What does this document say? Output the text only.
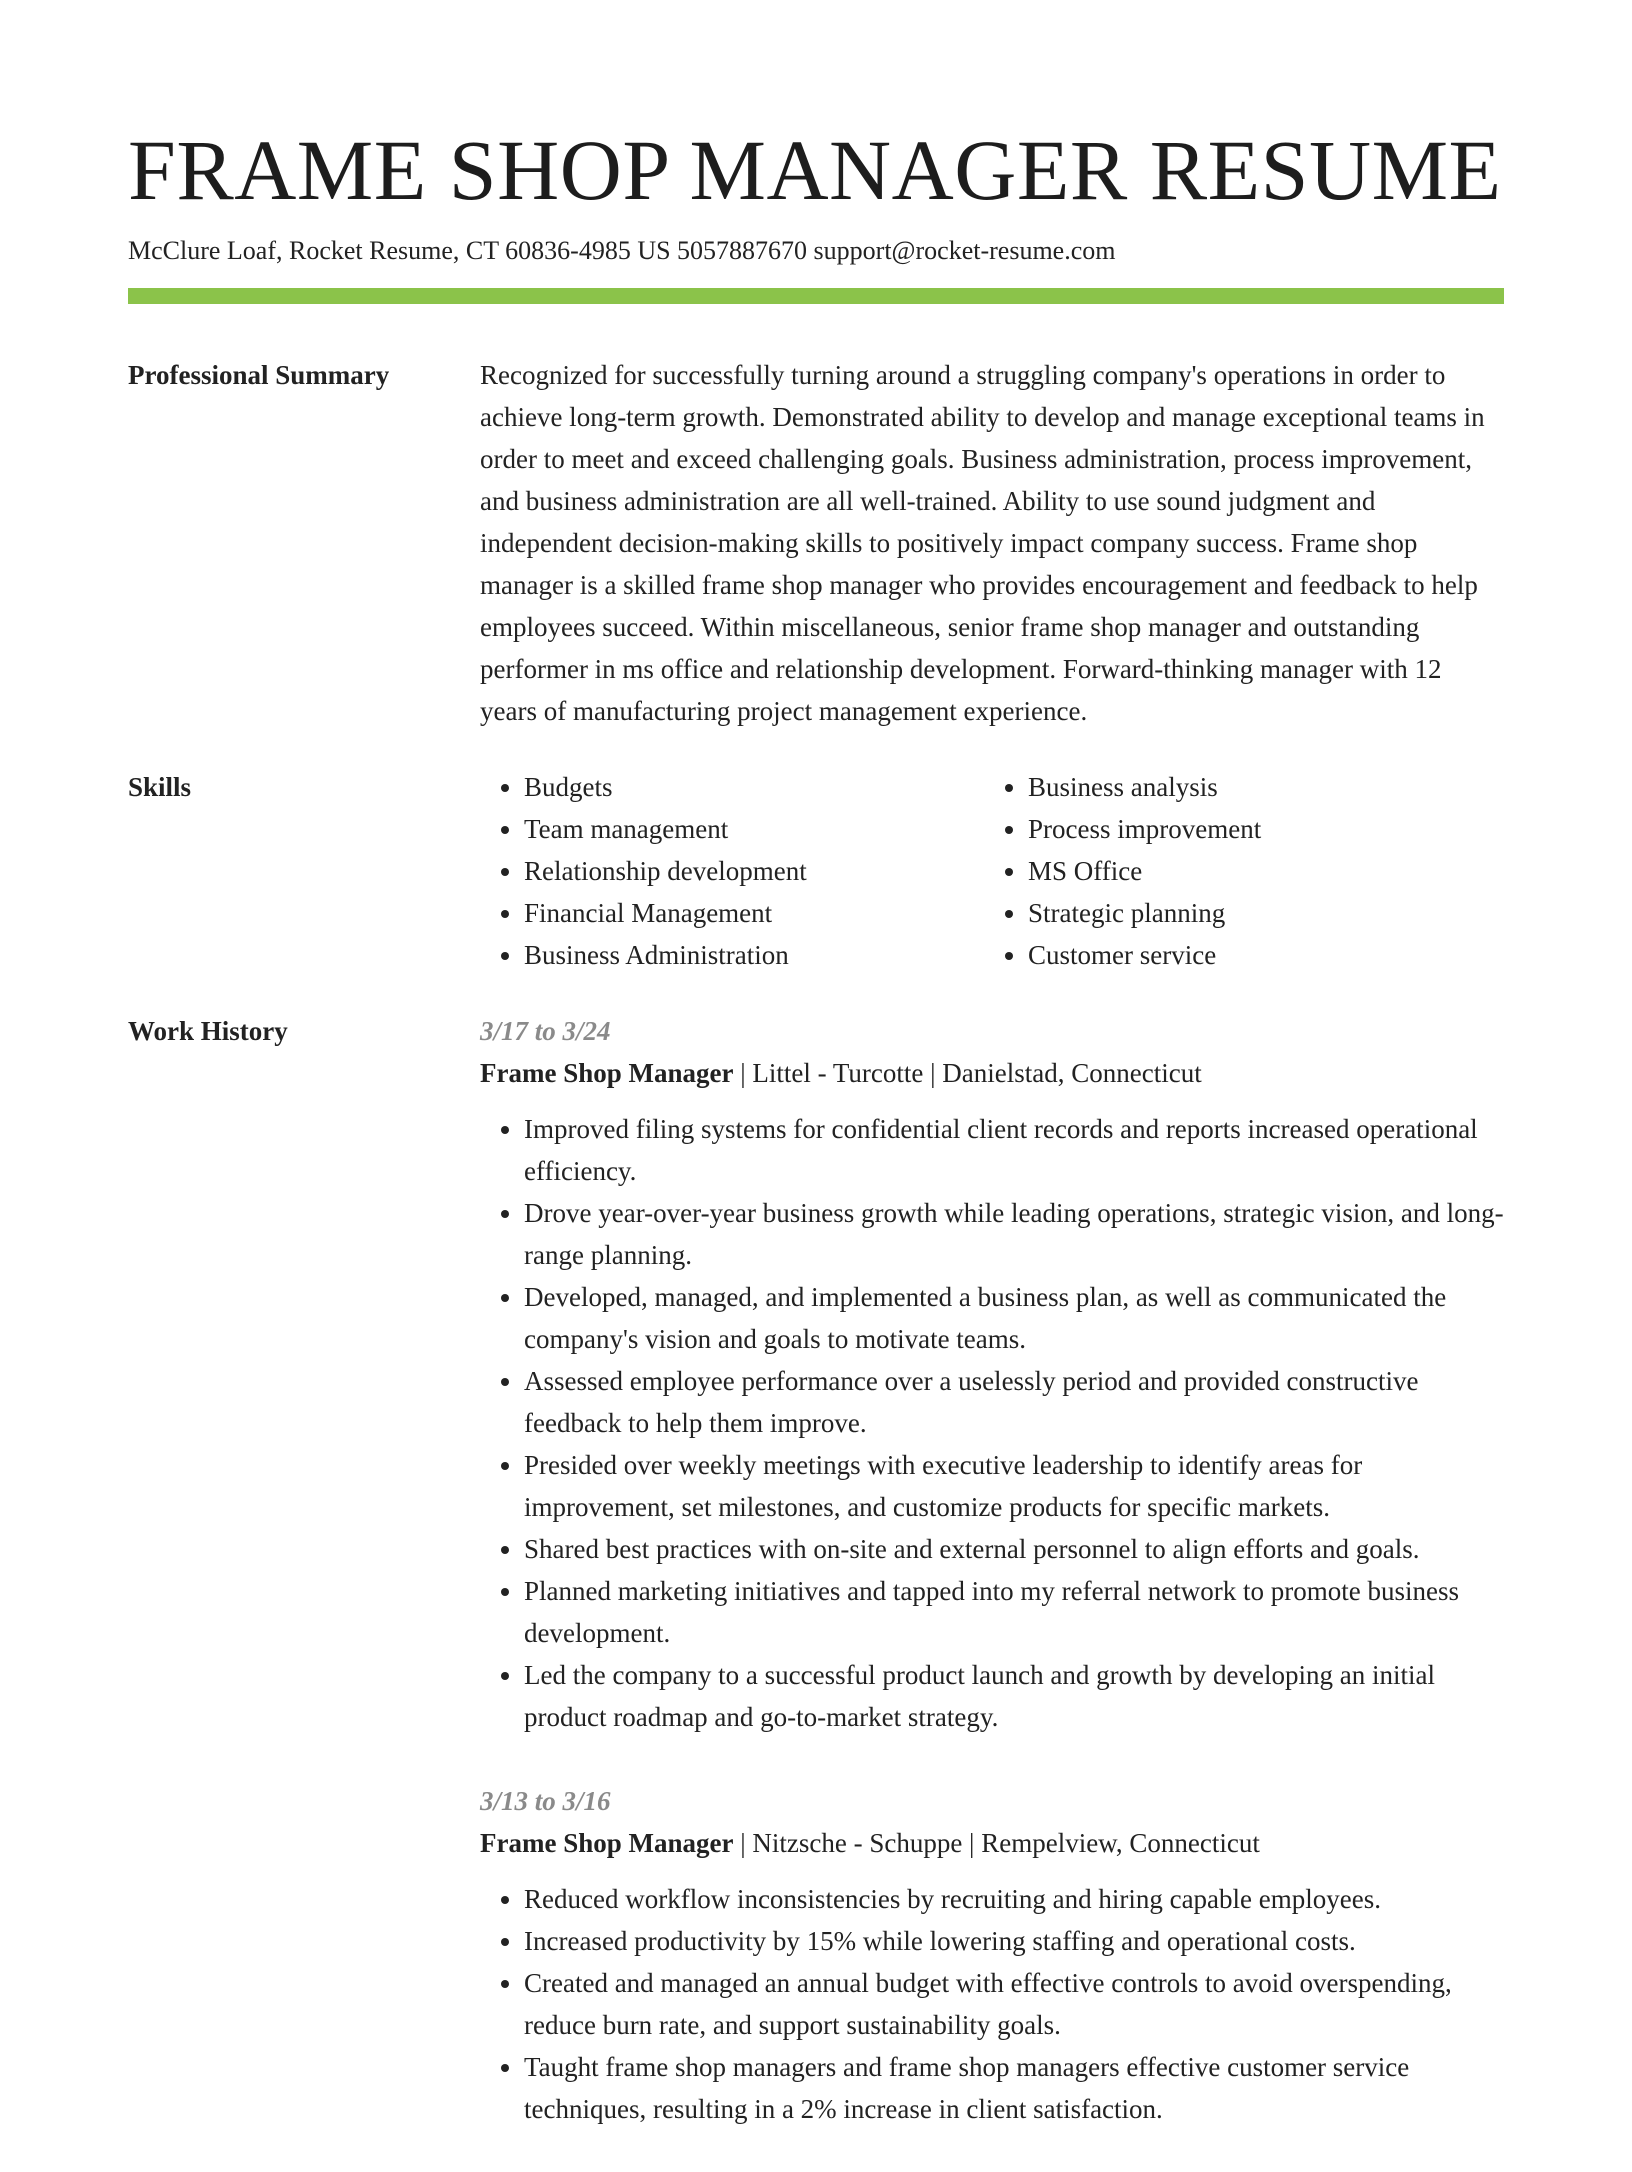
FRAME SHOP MANAGER RESUME
McClure Loaf, Rocket Resume, CT 60836-4985 US 5057887670 support@rocket-resume.com
Professional Summary	Recognized for successfully turning around a struggling company's operations in order to achieve long-term growth. Demonstrated ability to develop and manage exceptional teams in order to meet and exceed challenging goals. Business administration, process improvement, and business administration are all well-trained. Ability to use sound judgment and independent decision-making skills to positively impact company success. Frame shop manager is a skilled frame shop manager who provides encouragement and feedback to help employees succeed. Within miscellaneous, senior frame shop manager and outstanding performer in ms office and relationship development. Forward-thinking manager with 12 years of manufacturing project management experience.

Skills
•	Budgets
• Team management
• Relationship development
• Financial Management
• Business Administration
• Business analysis
• Process improvement
• MS Office
• Strategic planning
• Customer service
Work History	3/17 to 3/24
Frame Shop Manager | Littel - Turcotte | Danielstad, Connecticut
• Improved filing systems for confidential client records and reports increased operational efficiency.
• Drove year-over-year business growth while leading operations, strategic vision, and long-range planning.
• Developed, managed, and implemented a business plan, as well as communicated the company's vision and goals to motivate teams.
• Assessed employee performance over a uselessly period and provided constructive feedback to help them improve.
• Presided over weekly meetings with executive leadership to identify areas for improvement, set milestones, and customize products for specific markets.
• Shared best practices with on-site and external personnel to align efforts and goals.
• Planned marketing initiatives and tapped into my referral network to promote business development.
• Led the company to a successful product launch and growth by developing an initial product roadmap and go-to-market strategy.
3/13 to 3/16
Frame Shop Manager | Nitzsche - Schuppe | Rempelview, Connecticut
• Reduced workflow inconsistencies by recruiting and hiring capable employees.
• Increased productivity by 15% while lowering staffing and operational costs.
• Created and managed an annual budget with effective controls to avoid overspending, reduce burn rate, and support sustainability goals.
• Taught frame shop managers and frame shop managers effective customer service techniques, resulting in a 2% increase in client satisfaction.
